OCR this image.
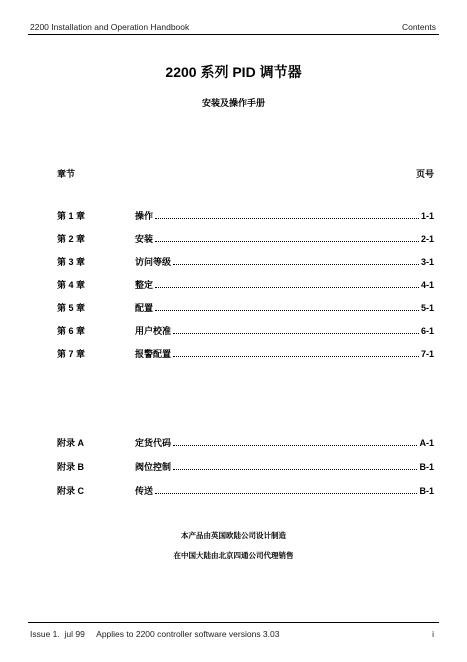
2200 Installation and Operation Handbook	Contents
2200 系列 PID 调节器
安装及操作手册
章节	页号
第 1 章	操作	1-1
第 2 章	安装	2-1
第 3 章	访问等级	3-1
第 4 章	整定	4-1
第 5 章	配置	5-1
第 6 章	用户校准	6-1
第 7 章	报警配置	7-1
附录 A	定货代码	A-1
附录 B	阀位控制	B-1
附录 C	传送	B-1
本产品由英国欧陆公司设计制造
在中国大陆由北京四通公司代理销售
Issue 1.  jul 99     Applies to 2200 controller software versions 3.03	i
